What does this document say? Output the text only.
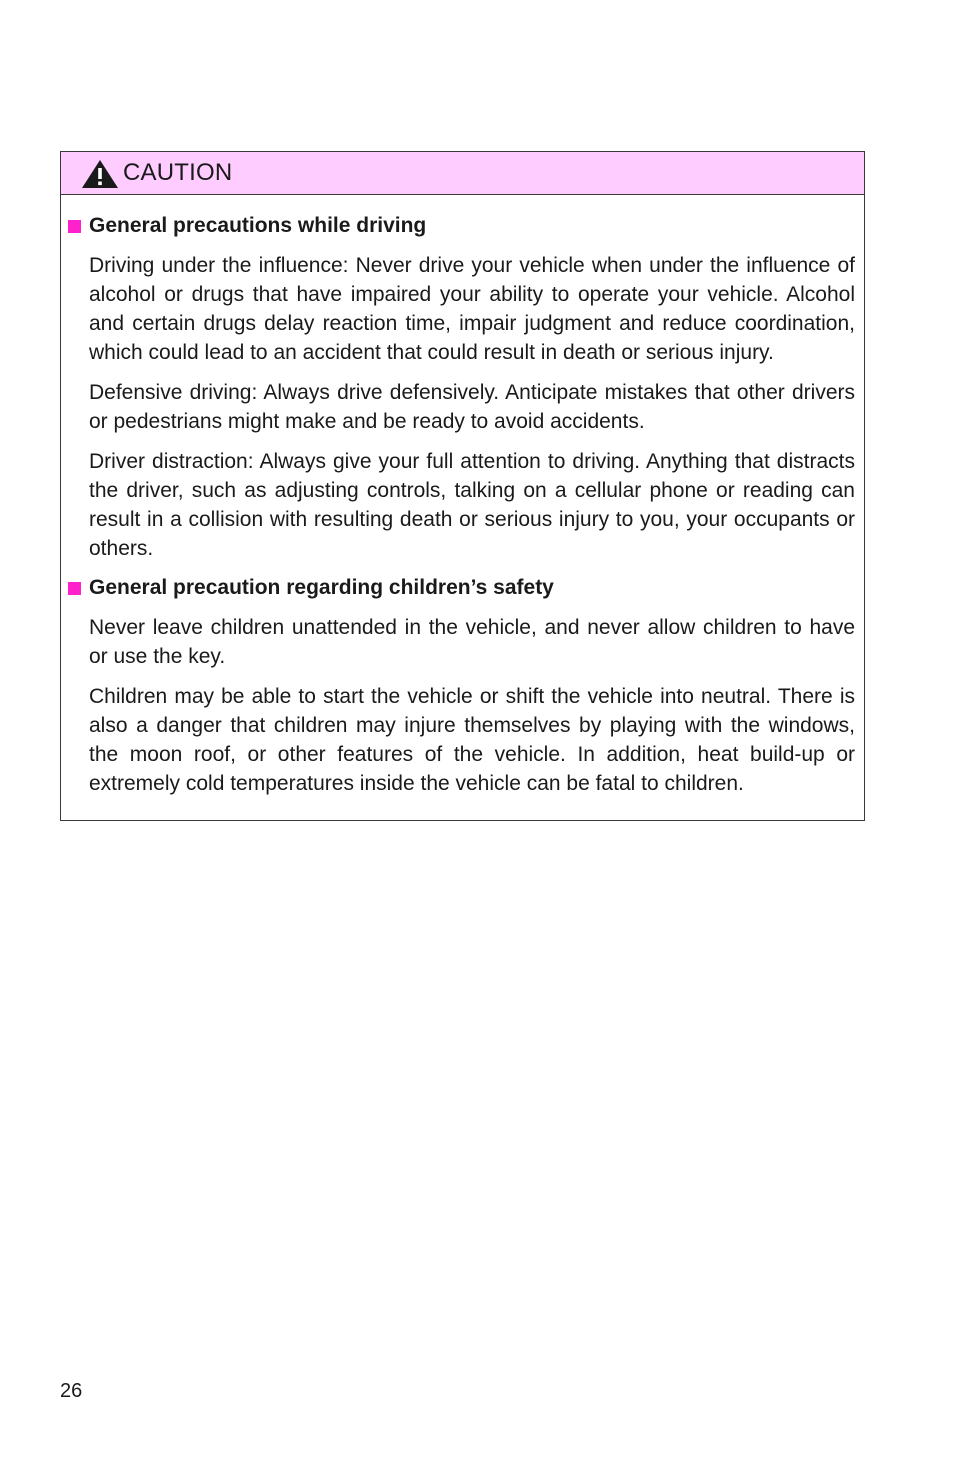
CAUTION
General precautions while driving

Driving under the influence: Never drive your vehicle when under the influence of alcohol or drugs that have impaired your ability to operate your vehicle. Alcohol and certain drugs delay reaction time, impair judgment and reduce coordination, which could lead to an accident that could result in death or serious injury.

Defensive driving: Always drive defensively. Anticipate mistakes that other drivers or pedestrians might make and be ready to avoid accidents.

Driver distraction: Always give your full attention to driving. Anything that distracts the driver, such as adjusting controls, talking on a cellular phone or reading can result in a collision with resulting death or serious injury to you, your occupants or others.

General precaution regarding children’s safety

Never leave children unattended in the vehicle, and never allow children to have or use the key.

Children may be able to start the vehicle or shift the vehicle into neutral. There is also a danger that children may injure themselves by playing with the windows, the moon roof, or other features of the vehicle. In addition, heat build-up or extremely cold temperatures inside the vehicle can be fatal to children.

26
